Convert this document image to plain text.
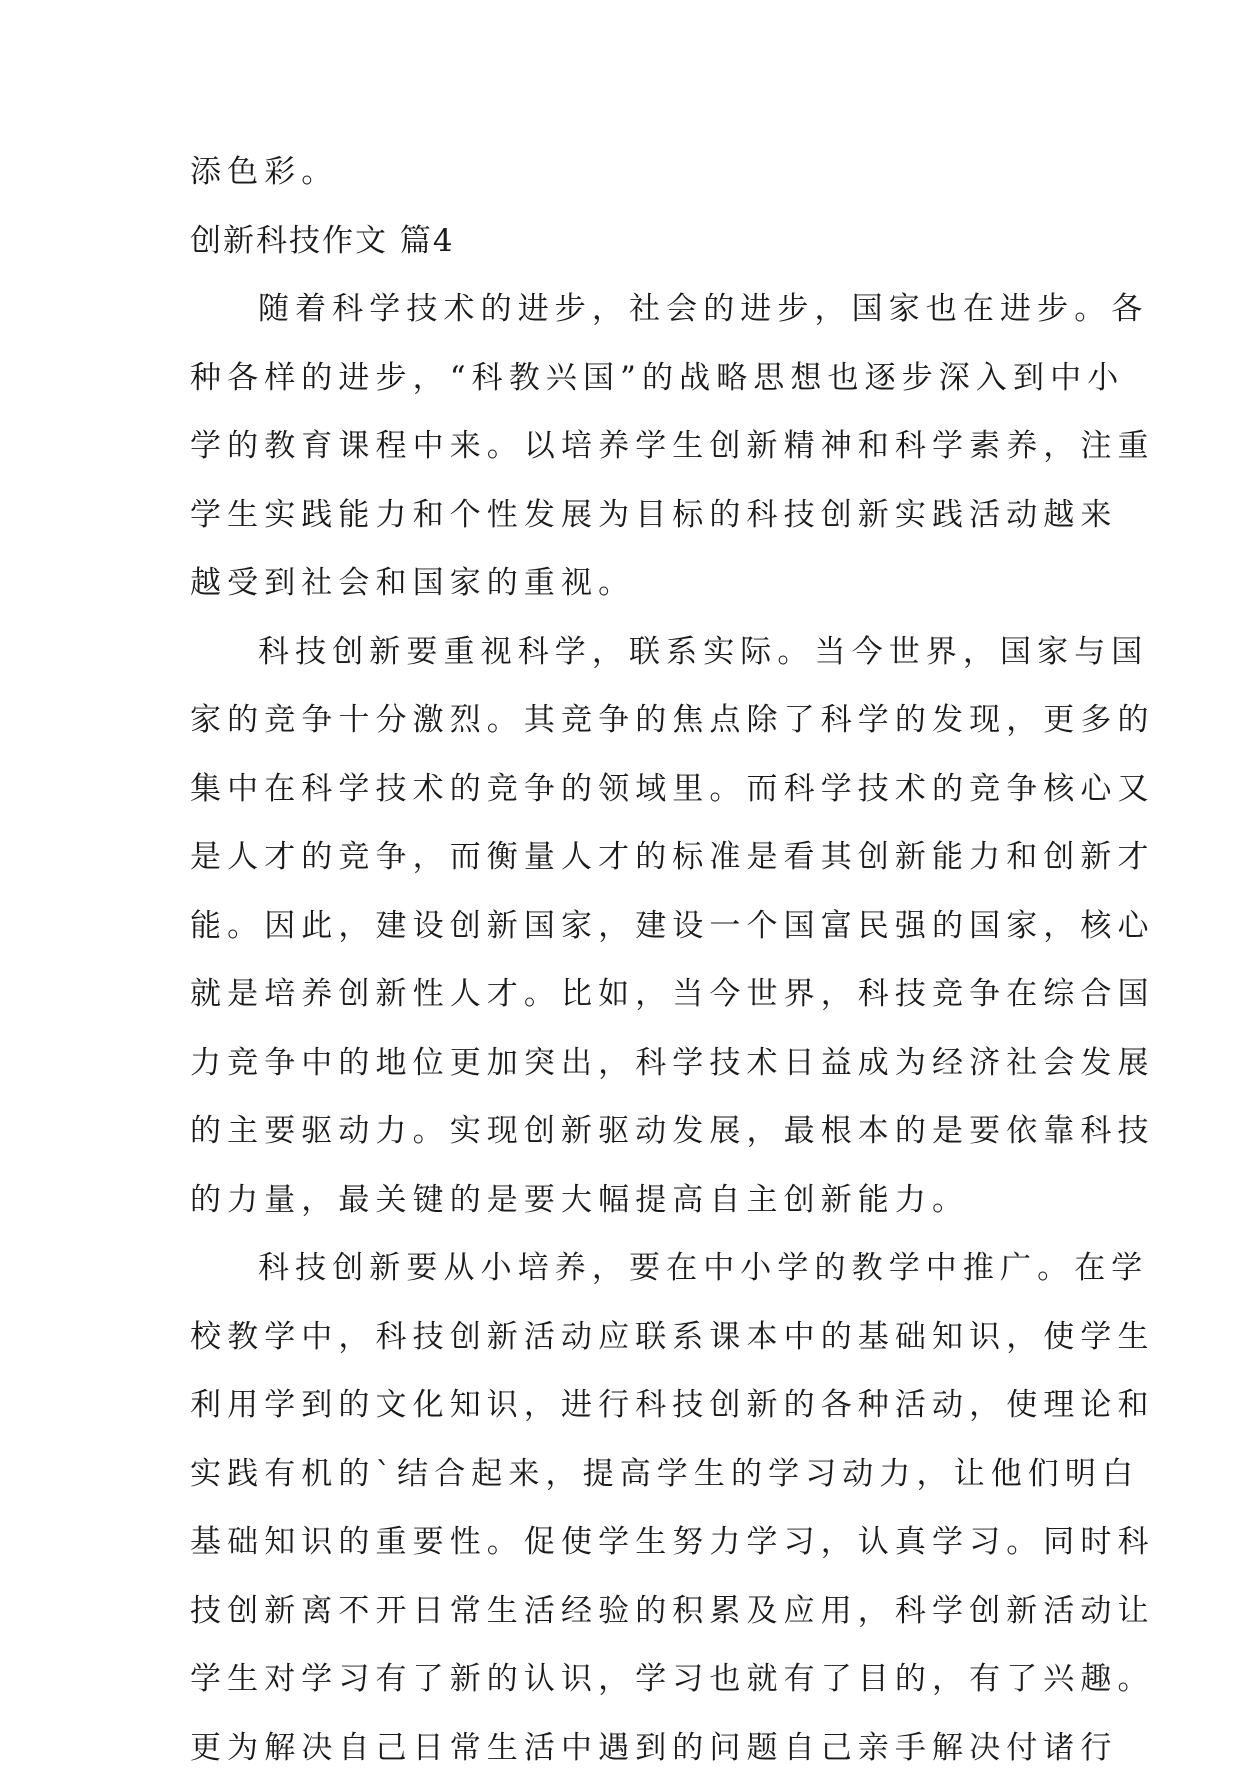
添色彩。
创新科技作文 篇4
随着科学技术的进步，社会的进步，国家也在进步。各
种各样的进步，“科教兴国”的战略思想也逐步深入到中小
学的教育课程中来。以培养学生创新精神和科学素养，注重
学生实践能力和个性发展为目标的科技创新实践活动越来
越受到社会和国家的重视。
科技创新要重视科学，联系实际。当今世界，国家与国
家的竞争十分激烈。其竞争的焦点除了科学的发现，更多的
集中在科学技术的竞争的领域里。而科学技术的竞争核心又
是人才的竞争，而衡量人才的标准是看其创新能力和创新才
能。因此，建设创新国家，建设一个国富民强的国家，核心
就是培养创新性人才。比如，当今世界，科技竞争在综合国
力竞争中的地位更加突出，科学技术日益成为经济社会发展
的主要驱动力。实现创新驱动发展，最根本的是要依靠科技
的力量，最关键的是要大幅提高自主创新能力。
科技创新要从小培养，要在中小学的教学中推广。在学
校教学中，科技创新活动应联系课本中的基础知识，使学生
利用学到的文化知识，进行科技创新的各种活动，使理论和
实践有机的`结合起来，提高学生的学习动力，让他们明白
基础知识的重要性。促使学生努力学习，认真学习。同时科
技创新离不开日常生活经验的积累及应用，科学创新活动让
学生对学习有了新的认识，学习也就有了目的，有了兴趣。
更为解决自己日常生活中遇到的问题自己亲手解决付诸行
